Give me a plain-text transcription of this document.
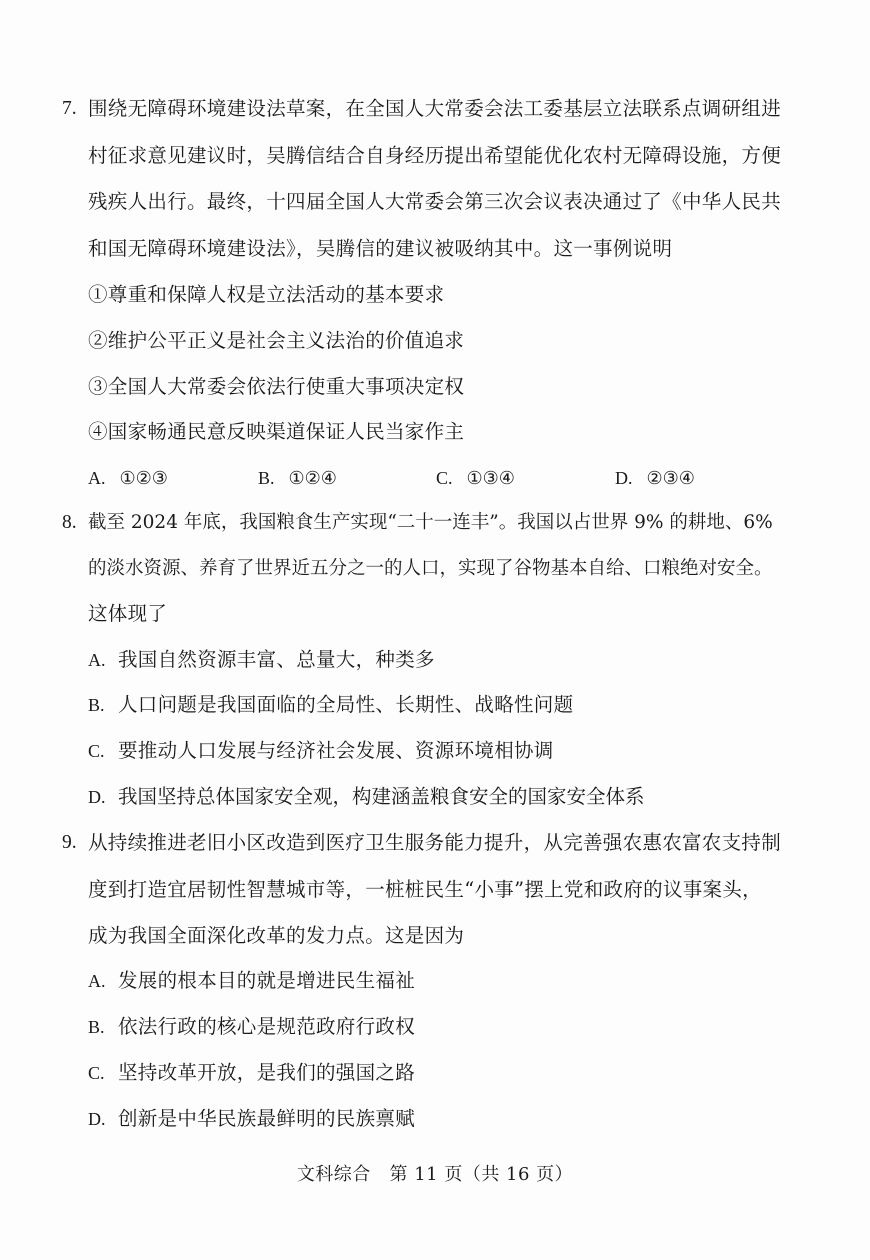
7. 围绕无障碍环境建设法草案，在全国人大常委会法工委基层立法联系点调研组进
村征求意见建议时，吴腾信结合自身经历提出希望能优化农村无障碍设施，方便
残疾人出行。最终，十四届全国人大常委会第三次会议表决通过了《中华人民共
和国无障碍环境建设法》，吴腾信的建议被吸纳其中。这一事例说明
①尊重和保障人权是立法活动的基本要求
②维护公平正义是社会主义法治的价值追求
③全国人大常委会依法行使重大事项决定权
④国家畅通民意反映渠道保证人民当家作主
A. ①②③	B. ①②④	C. ①③④	D. ②③④
8. 截至 2024 年底，我国粮食生产实现“二十一连丰”。我国以占世界 9% 的耕地、6%
的淡水资源、养育了世界近五分之一的人口，实现了谷物基本自给、口粮绝对安全。
这体现了
A. 我国自然资源丰富、总量大，种类多
B. 人口问题是我国面临的全局性、长期性、战略性问题
C. 要推动人口发展与经济社会发展、资源环境相协调
D. 我国坚持总体国家安全观，构建涵盖粮食安全的国家安全体系
9. 从持续推进老旧小区改造到医疗卫生服务能力提升，从完善强农惠农富农支持制
度到打造宜居韧性智慧城市等，一桩桩民生“小事”摆上党和政府的议事案头，
成为我国全面深化改革的发力点。这是因为
A. 发展的根本目的就是增进民生福祉
B. 依法行政的核心是规范政府行政权
C. 坚持改革开放，是我们的强国之路
D. 创新是中华民族最鲜明的民族禀赋
文科综合   第 11 页（共 16 页）
